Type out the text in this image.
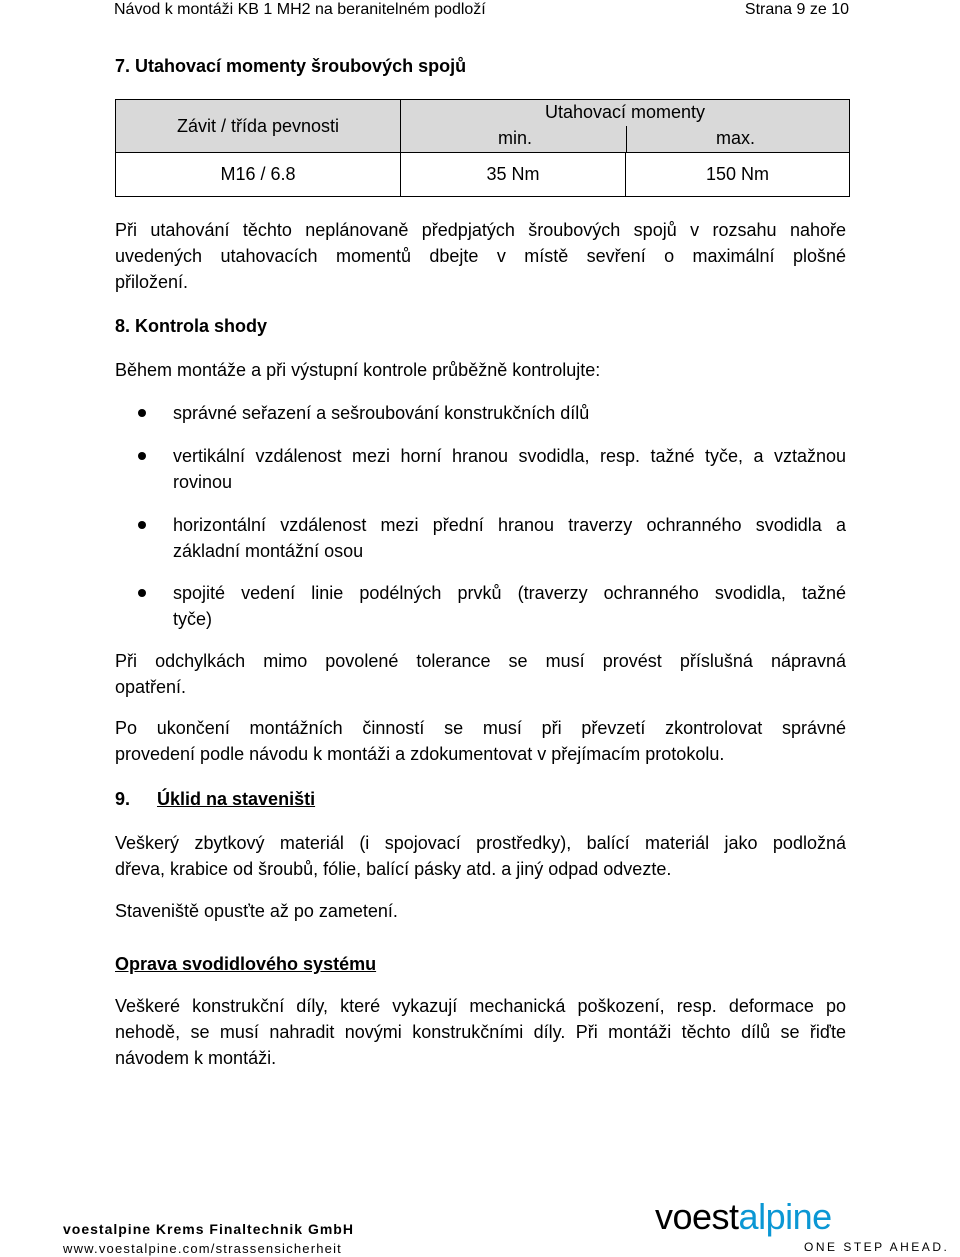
Návod k montáži KB 1 MH2 na beranitelném podloží	Strana 9 ze 10
7. Utahovací momenty šroubových spojů
Závit / třída pevnosti
Utahovací momenty
min.	max.
M16 / 6.8	35 Nm	150 Nm
Při utahování těchto neplánovaně předpjatých šroubových spojů v rozsahu nahoře
uvedených utahovacích momentů dbejte v místě sevření o maximální plošné
přiložení.
8. Kontrola shody
Během montáže a při výstupní kontrole průběžně kontrolujte:
správné seřazení a sešroubování konstrukčních dílů
vertikální vzdálenost mezi horní hranou svodidla, resp. tažné tyče, a vztažnou
rovinou
horizontální vzdálenost mezi přední hranou traverzy ochranného svodidla a
základní montážní osou
spojité vedení linie podélných prvků (traverzy ochranného svodidla, tažné
tyče)
Při odchylkách mimo povolené tolerance se musí provést příslušná nápravná
opatření.
Po ukončení montážních činností se musí při převzetí zkontrolovat správné
provedení podle návodu k montáži a zdokumentovat v přejímacím protokolu.
9. Úklid na staveništi
Veškerý zbytkový materiál (i spojovací prostředky), balící materiál jako podložná
dřeva, krabice od šroubů, fólie, balící pásky atd. a jiný odpad odvezte.
Staveniště opusťte až po zametení.
Oprava svodidlového systému
Veškeré konstrukční díly, které vykazují mechanická poškození, resp. deformace po
nehodě, se musí nahradit novými konstrukčními díly. Při montáži těchto dílů se řiďte
návodem k montáži.
voestalpine Krems Finaltechnik GmbH
www.voestalpine.com/strassensicherheit
voestalpine
ONE STEP AHEAD.
